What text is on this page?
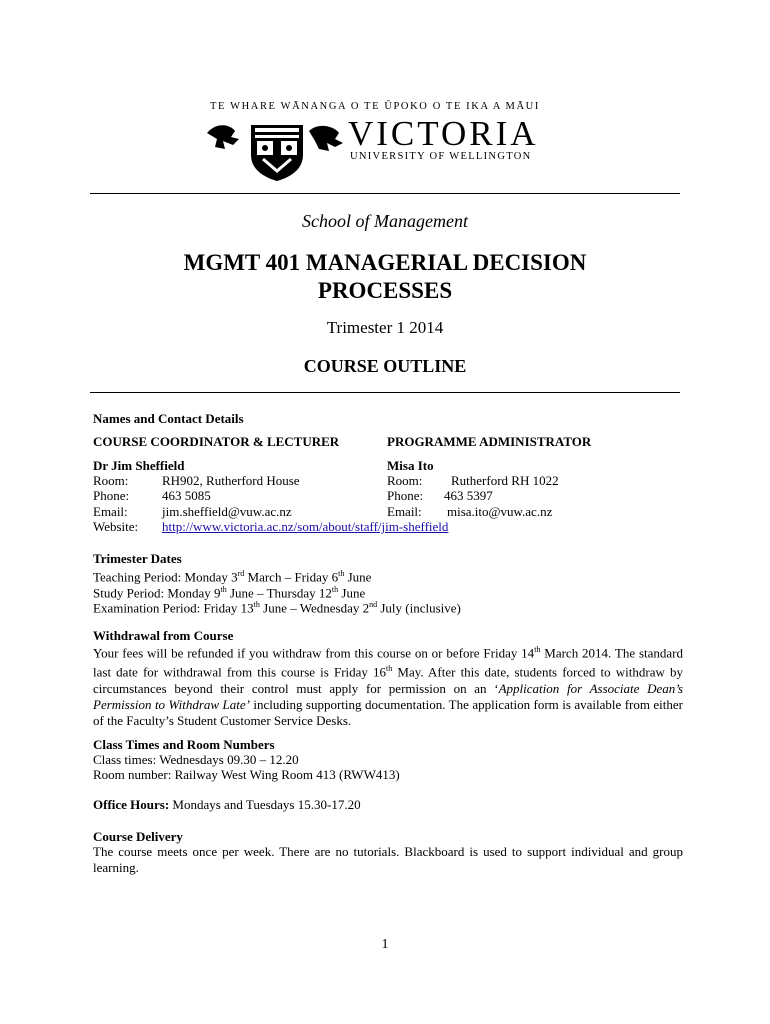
TE WHARE WĀNANGA O TE ŪPOKO O TE IKA A MĀUI
VICTORIA
UNIVERSITY OF WELLINGTON
School of Management
MGMT 401 MANAGERIAL DECISION
PROCESSES
Trimester 1 2014
COURSE OUTLINE
Names and Contact Details
COURSE COORDINATOR & LECTURER	PROGRAMME ADMINISTRATOR
Dr Jim Sheffield
Room:	RH902, Rutherford House
Phone:	463 5085
Email:	jim.sheffield@vuw.ac.nz
Website: http://www.victoria.ac.nz/som/about/staff/jim-sheffield
Misa Ito
Room: Rutherford RH 1022
Phone: 463 5397
Email: misa.ito@vuw.ac.nz
Trimester Dates
Teaching Period: Monday 3rd March – Friday 6th June
Study Period: Monday 9th June – Thursday 12th June
Examination Period: Friday 13th June – Wednesday 2nd July (inclusive)
Withdrawal from Course
Your fees will be refunded if you withdraw from this course on or before Friday 14th March 2014. The standard last date for withdrawal from this course is Friday 16th May. After this date, students forced to withdraw by circumstances beyond their control must apply for permission on an ‘Application for Associate Dean’s Permission to Withdraw Late’ including supporting documentation. The application form is available from either of the Faculty’s Student Customer Service Desks.
Class Times and Room Numbers
Class times: Wednesdays 09.30 – 12.20
Room number: Railway West Wing Room 413 (RWW413)
Office Hours: Mondays and Tuesdays 15.30-17.20
Course Delivery
The course meets once per week. There are no tutorials. Blackboard is used to support individual and group learning.
1
